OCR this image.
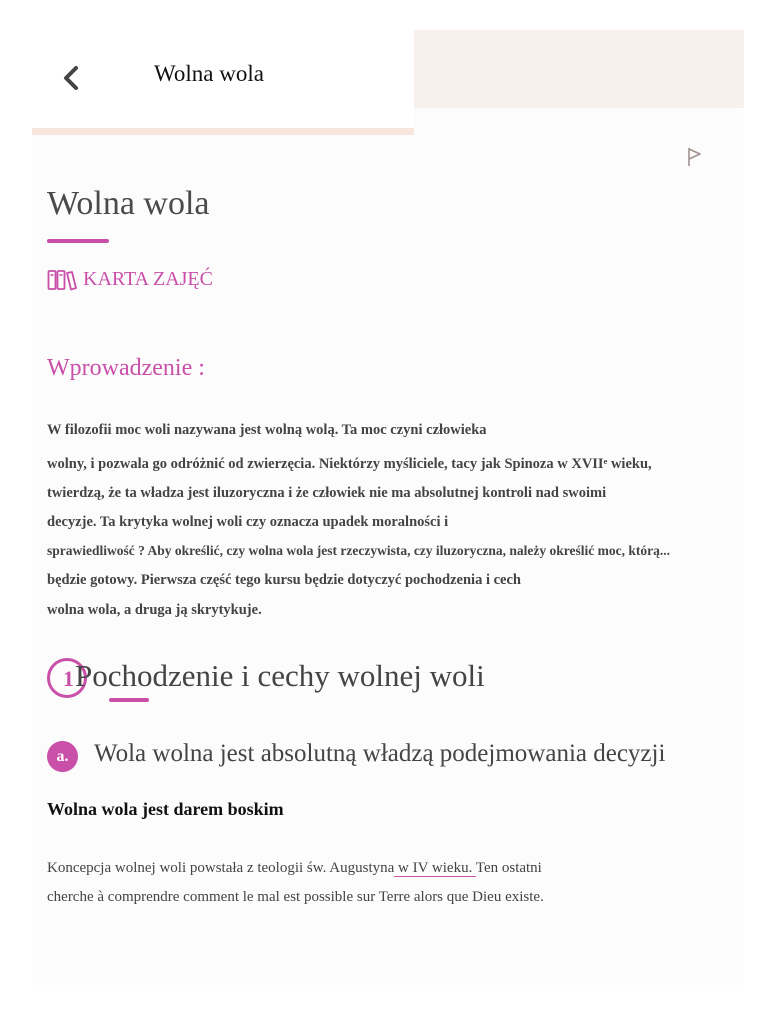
Wolna wola
Wolna wola
KARTA ZAJĘĆ
Wprowadzenie :
W filozofii moc woli nazywana jest wolną wolą. Ta moc czyni człowieka
wolny, i pozwala go odróżnić od zwierzęcia. Niektórzy myśliciele, tacy jak Spinoza w XVIIᵉ wieku,
twierdzą, że ta władza jest iluzoryczna i że człowiek nie ma absolutnej kontroli nad swoimi
decyzje. Ta krytyka wolnej woli czy oznacza upadek moralności i
sprawiedliwość ? Aby określić, czy wolna wola jest rzeczywista, czy iluzoryczna, należy określić moc, którą...
będzie gotowy. Pierwsza część tego kursu będzie dotyczyć pochodzenia i cech
wolna wola, a druga ją skrytykuje.
1 Pochodzenie i cechy wolnej woli
a.	Wola wolna jest absolutną władzą podejmowania decyzji
Wolna wola jest darem boskim
Koncepcja wolnej woli powstała z teologii św. Augustyna w IV wieku. Ten ostatni
cherche à comprendre comment le mal est possible sur Terre alors que Dieu existe.
